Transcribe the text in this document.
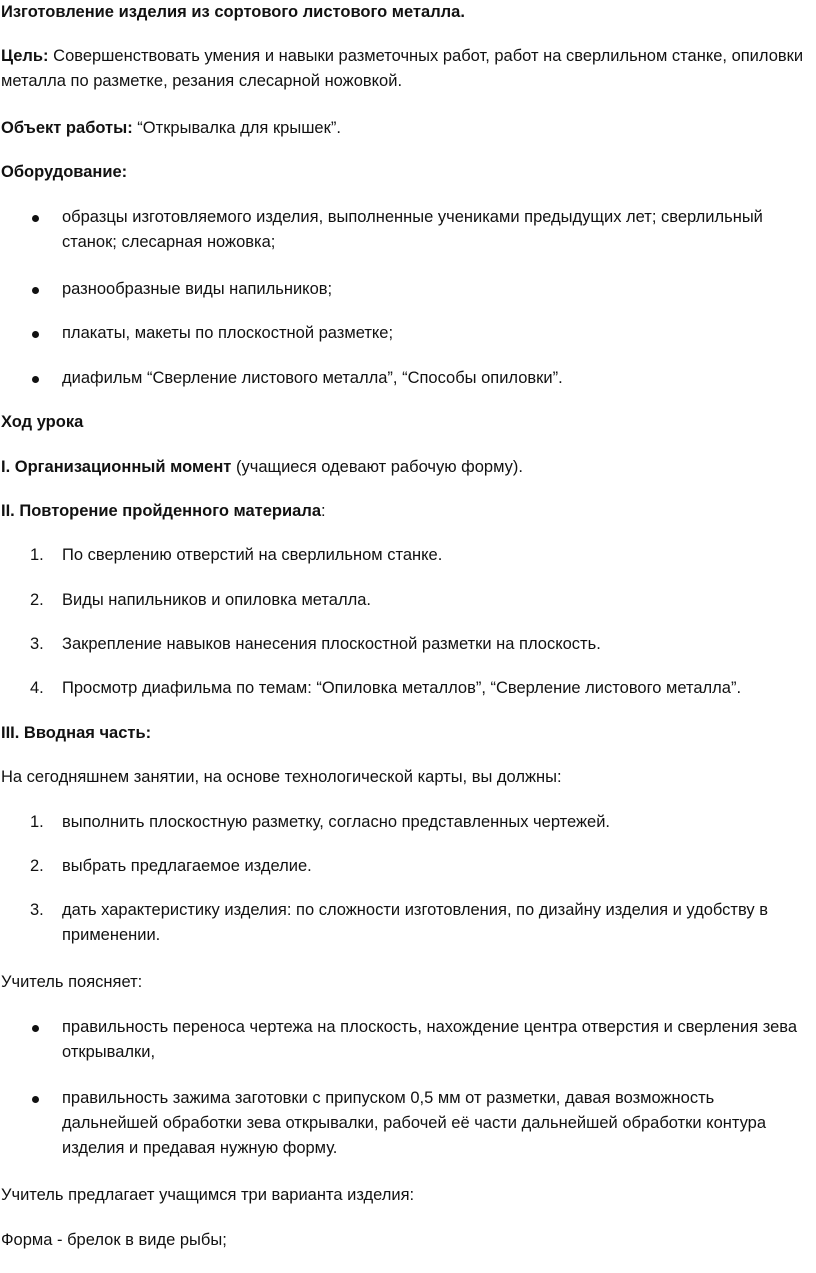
Изготовление изделия из сортового листового металла.

Цель: Совершенствовать умения и навыки разметочных работ, работ на сверлильном станке, опиловки металла по разметке, резания слесарной ножовкой.

Объект работы: “Открывалка для крышек”.

Оборудование:

образцы изготовляемого изделия, выполненные учениками предыдущих лет; сверлильный станок; слесарная ножовка;

разнообразные виды напильников;

плакаты, макеты по плоскостной разметке;

диафильм “Сверление листового металла”, “Способы опиловки”.

Ход урока

I. Организационный момент (учащиеся одевают рабочую форму).

II. Повторение пройденного материала:

1.	По сверлению отверстий на сверлильном станке.

2.	Виды напильников и опиловка металла.

3.	Закрепление навыков нанесения плоскостной разметки на плоскость.

4.	Просмотр диафильма по темам: “Опиловка металлов”, “Сверление листового металла”.

III. Вводная часть:

На сегодняшнем занятии, на основе технологической карты, вы должны:

1.	выполнить плоскостную разметку, согласно представленных чертежей.

2.	выбрать предлагаемое изделие.

3.	дать характеристику изделия: по сложности изготовления, по дизайну изделия и удобству в применении.

Учитель поясняет:

правильность переноса чертежа на плоскость, нахождение центра отверстия и сверления зева открывалки,

правильность зажима заготовки с припуском 0,5 мм от разметки, давая возможность дальнейшей обработки зева открывалки, рабочей её части дальнейшей обработки контура изделия и предавая нужную форму.

Учитель предлагает учащимся три варианта изделия:

Форма - брелок в виде рыбы;
